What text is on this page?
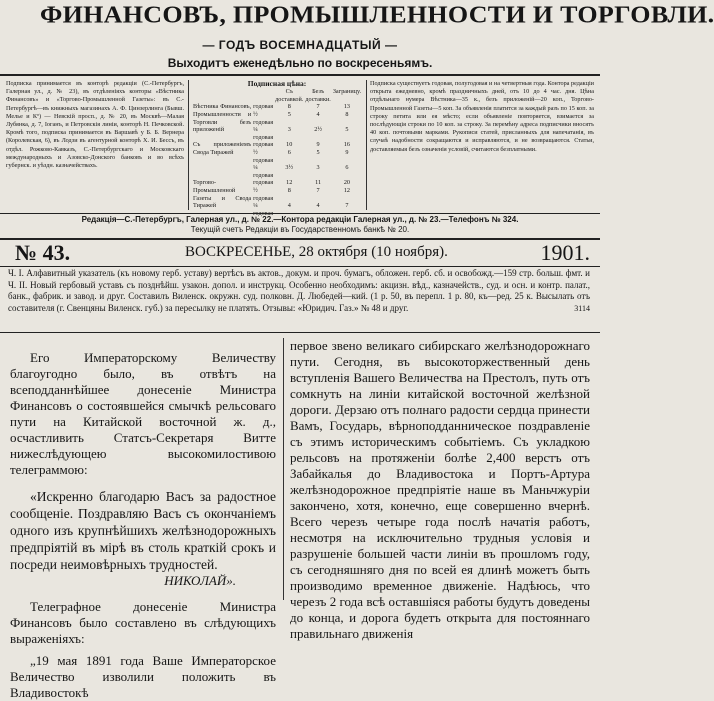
ФИНАНСОВЪ, ПРОМЫШЛЕННОСТИ И ТОРГОВЛИ.
— ГОДЪ ВОСЕМНАДЦАТЫЙ —
Выходитъ еженедѣльно по воскресеньямъ.
Подписка принимается въ конторѣ редакціи (С.-Петербургъ, Галерная ул., д. № 23), въ отдѣленіяхъ конторы «Вѣстника Финансовъ» и «Торгово-Промышленной Газеты»: въ С.-Петербургѣ—въ книжныхъ магазинахъ А. Ф. Цинзерлинга (Бывш. Мелье и Кº) — Невскій просп., д. № 20, въ Москвѣ—Малая Лубянка, д. 7, Іоганъ, и Петровскія линіи, конторѣ Н. Печковской. Кромѣ того, подписка принимается въ Варшавѣ у Б. Б. Вернера (Королевская, 6), въ Лодзи въ агентурной конторѣ Х. И. Бессъ, въ отдѣл. Рожково-Кавказъ, С.-Петербургскаго и Московскаго международныхъ и Азовско-Донского банковъ и во всѣхъ губернск. и уѣздн. казначействахъ.
Подписная цѣна:
		Съ доставкой.	Безъ доставки.	Заграницу.
Вѣстника Финансовъ, Промышленности и Торговли безъ приложеній	годовая	8	7	13
	½ годовая	5	4	8
	¼ годовая	3	2½	5
Съ приложеніемъ Свода Тиражей	годовая	10	9	16
	½ годовая	6	5	9
	¼ годовая	3½	3	6
Торгово-Промышленной Газеты и Свода Тиражей	годовая	12	11	20
	½ годовая	8	7	12
	¼	4	4	7
Подписка существуетъ годовая, полугодовая и на четвертныя года. Контора редакціи открыта ежедневно, кромѣ праздничныхъ дней, отъ 10 до 4 час. дня. Цѣна отдѣльнаго нумера Вѣстника—35 к., безъ приложеній—20 коп., Торгово-Промышленной Газеты—5 коп. За объявленія платится за каждый разъ по 15 коп. за строку петита или ея мѣсто; если объявленіе повторяется, взимается за послѣдующія строки по 10 коп. за строку. За перемѣну адреса подписчики вносятъ 40 коп. почтовыми марками. Рукописи статей, присланныхъ для напечатанія, въ случаѣ надобности сокращаются и исправляются, и не возвращаются. Статьи, доставляемыя безъ означенія условій, считаются безплатными.
Редакція—С.-Петербургъ, Галерная ул., д. № 22.—Контора редакціи Галерная ул., д. № 23.—Телефонъ № 324.
Текущій счетъ Редакціи въ Государственномъ банкѣ № 20.
№ 43.	ВОСКРЕСЕНЬЕ, 28 октября (10 ноября).	1901.
Ч. I. Алфавитный указатель (къ новому герб. уставу) вертѣсъ въ актов., докум. и проч. бумагъ, обложен. герб. сб. и освобожд.—159 стр. больш. фмт. и Ч. II. Новый гербовый уставъ съ позднѣйш. узакон. допол. и инструкц. Особенно необходимъ: акцизн. вѣд., казначейств., суд. и осн. и контр. палат., банк., фабрик. и завод. и друг. Составилъ Виленск. окружн. суд. полковн. Д. Любедей—кий. (1 р. 50, въ перепл. 1 р. 80, къ—ред. 25 к. Высылать отъ составителя (г. Свенцяны Виленск. губ.) за пересылку не платять. Отзывы: «Юридич. Газ.» № 48 и друг.	3114

Его Императорскому Величеству благоугодно было, въ отвѣтъ на всеподданнѣйшее донесеніе Министра Финансовъ о состоявшейся смычкѣ рельсоваго пути на Китайской восточной ж. д., осчастливить Статсъ-Секретаря Витте нижеслѣдующею высокомилостивою телеграммою:

«Искренно благодарю Васъ за радостное сообщеніе. Поздравляю Васъ съ окончаніемъ одного изъ крупнѣйшихъ желѣзнодорожныхъ предпріятій въ мірѣ въ столь краткій срокъ и посреди неимовѣрныхъ трудностей.

НИКОЛАЙ».

Телеграфное донесеніе Министра Финансовъ было составлено въ слѣдующихъ выраженіяхъ:

„19 мая 1891 года Ваше Императорское Величество изволили положить въ Владивостокѣ

первое звено великаго сибирскаго желѣзнодорожнаго пути. Сегодня, въ высокоторжественный день вступленія Вашего Величества на Престолъ, путь отъ сомкнуть на линіи китайской восточной желѣзной дороги. Дерзаю отъ полнаго радости сердца принести Вамъ, Государь, вѣрноподданническое поздравленіе съ этимъ историческимъ событіемъ. Съ укладкою рельсовъ на протяженіи болѣе 2,400 верстъ отъ Забайкалья до Владивостока и Портъ-Артура желѣзнодорожное предпріятіе наше въ Маньчжуріи закончено, хотя, конечно, еще совершенно вчернѣ. Всего черезъ четыре года послѣ начатія работъ, несмотря на исключительно трудныя условія и разрушеніе большей части линіи въ прошломъ году, съ сегодняшняго дня по всей ея длинѣ можетъ быть производимо временное движеніе. Надѣюсь, что черезъ 2 года всѣ оставшіяся работы будутъ доведены до конца, и дорога будетъ открыта для постояннаго правильнаго движенія
